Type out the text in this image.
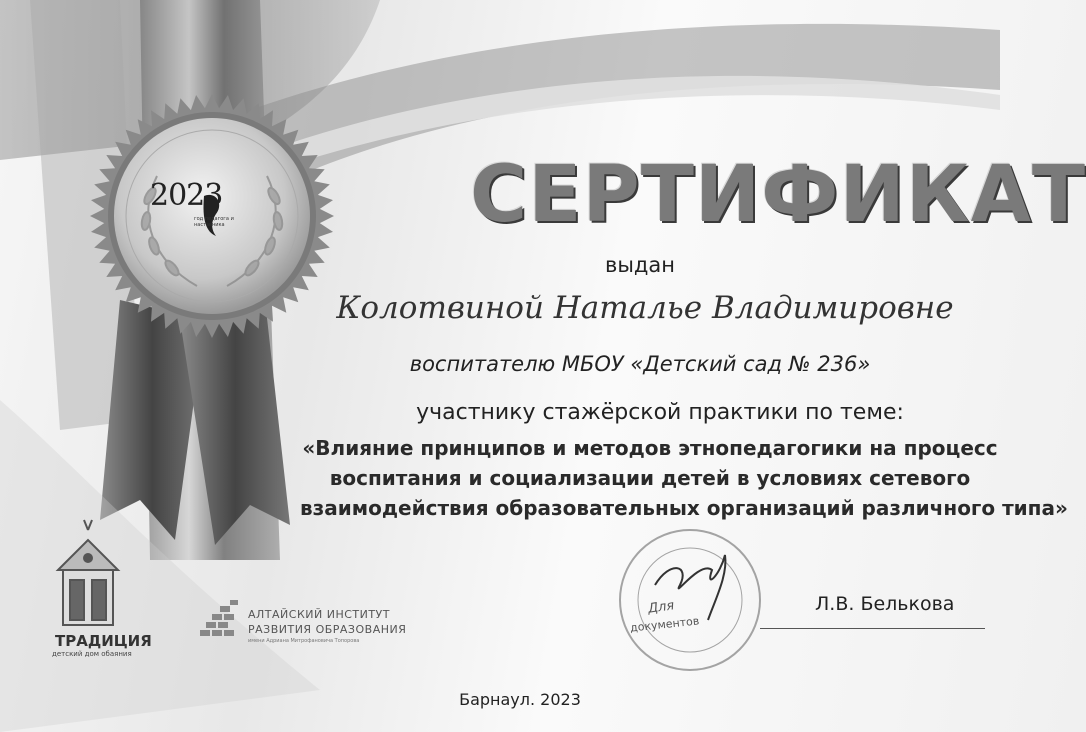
2023
год педагога и наставника	СЕРТИФИКАТ
выдан
Колотвиной Наталье Владимировне
воспитателю МБОУ «Детский сад № 236»
участнику стажёрской практики по теме:
«Влияние принципов и методов этнопедагогики на процесс
воспитания и социализации детей в условиях сетевого
взаимодействия образовательных организаций различного типа»
Для
документов
Л.В. Белькова
ТРАДИЦИЯ
детский дом обаяния
АЛТАЙСКИЙ ИНСТИТУТ
РАЗВИТИЯ ОБРАЗОВАНИЯ
имени Адриана Митрофановича Топорова
Барнаул. 2023
